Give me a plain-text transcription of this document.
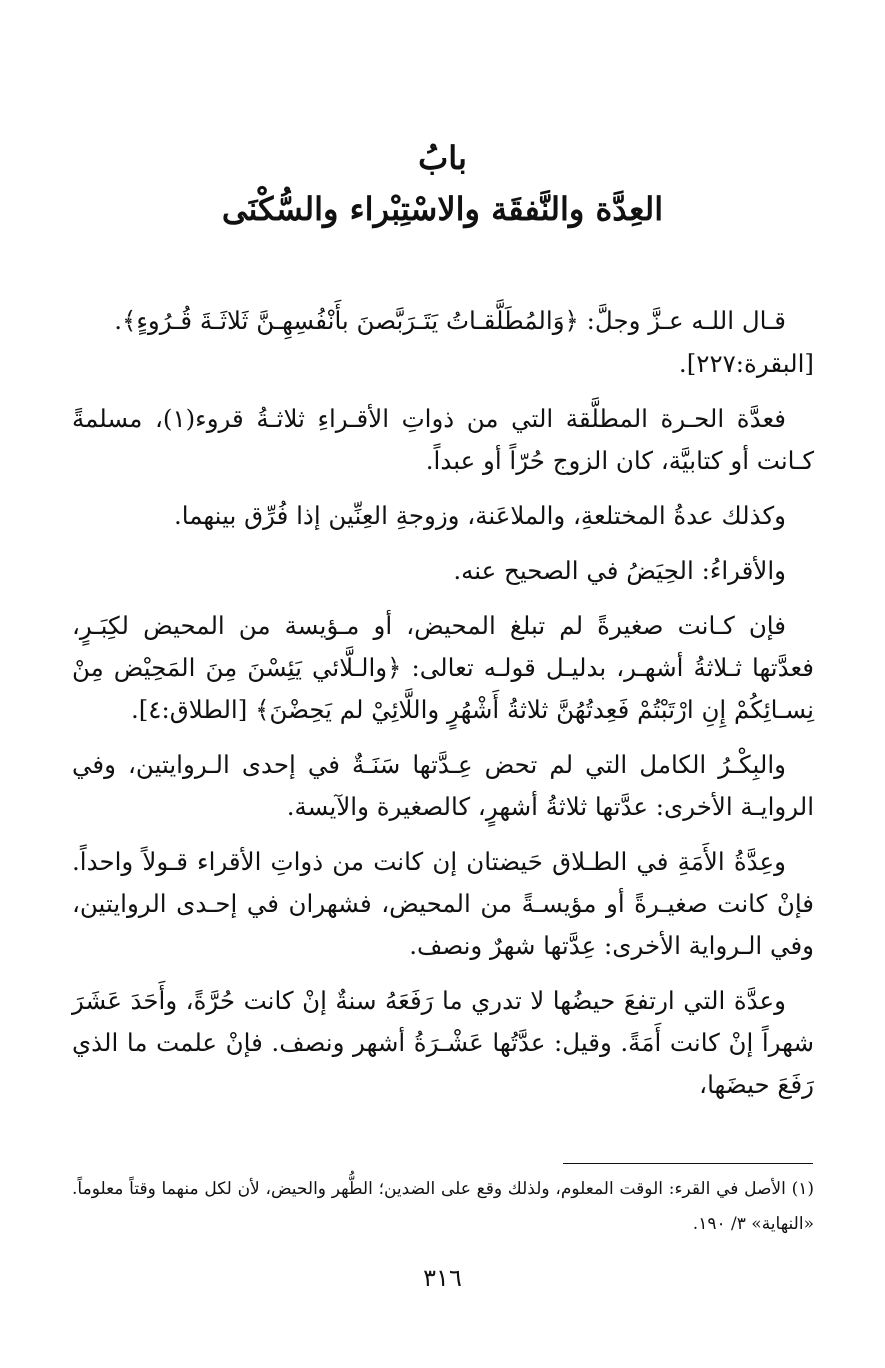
بابُ
العِدَّة والنَّفقَة والاسْتِبْراء والسُّكْنَى

قـال اللـه عـزَّ وجلَّ: ﴿وَالمُطَلَّقـاتُ يَتَـرَبَّصنَ بأَنْفُسِهِـنَّ ثَلاثَـةَ قُـرُوءٍ﴾.

[البقرة:٢٢٧].

فعدَّة الحـرة المطلَّقة التي من ذواتِ الأقـراءِ ثلاثـةُ قروء(١)، مسلمةً كـانت أو كتابيَّة، كان الزوج حُرّاً أو عبداً.

وكذلك عدةُ المختلعةِ، والملاعَنة، وزوجةِ العِنِّين إذا فُرِّق بينهما.

والأقراءُ: الحِيَضُ في الصحيح عنه.

فإن كـانت صغيرةً لم تبلغ المحيض، أو مـؤيسة من المحيض لكِبَـرٍ، فعدَّتها ثـلاثةُ أشهـر، بدليـل قولـه تعالى: ﴿والـلَّائي يَئِسْنَ مِنَ المَحِيْض مِنْ نِسـائِكُمْ إِنِ ارْتَبْتُمْ فَعِدتُهُنَّ ثلاثةُ أَشْهُرٍ واللَّائِيْ لم يَحِضْنَ﴾ [الطلاق:٤].

والبِكْـرُ الكامل التي لم تحض عِـدَّتها سَنَـةٌ في إحدى الـروايتين، وفي الروايـة الأخرى: عدَّتها ثلاثةُ أشهرٍ، كالصغيرة والآيسة.

وعِدَّةُ الأَمَةِ في الطـلاق حَيضتان إن كانت من ذواتِ الأقراء قـولاً واحداً. فإنْ كانت صغيـرةً أو مؤيسـةً من المحيض، فشهران في إحـدى الروايتين، وفي الـرواية الأخرى: عِدَّتها شهرٌ ونصف.

وعدَّة التي ارتفعَ حيضُها لا تدري ما رَفَعَهُ سنةٌ إنْ كانت حُرَّةً، وأَحَدَ عَشَرَ شهراً إنْ كانت أَمَةً. وقيل: عدَّتُها عَشْـرَةُ أشهر ونصف. فإنْ علمت ما الذي رَفَعَ حيضَها،

(١) الأصل في القرء: الوقت المعلوم، ولذلك وقع على الضدين؛ الطُّهر والحيض، لأن لكل منهما وقتاً معلوماً. «النهاية» ٣/ ١٩٠.
٣١٦
